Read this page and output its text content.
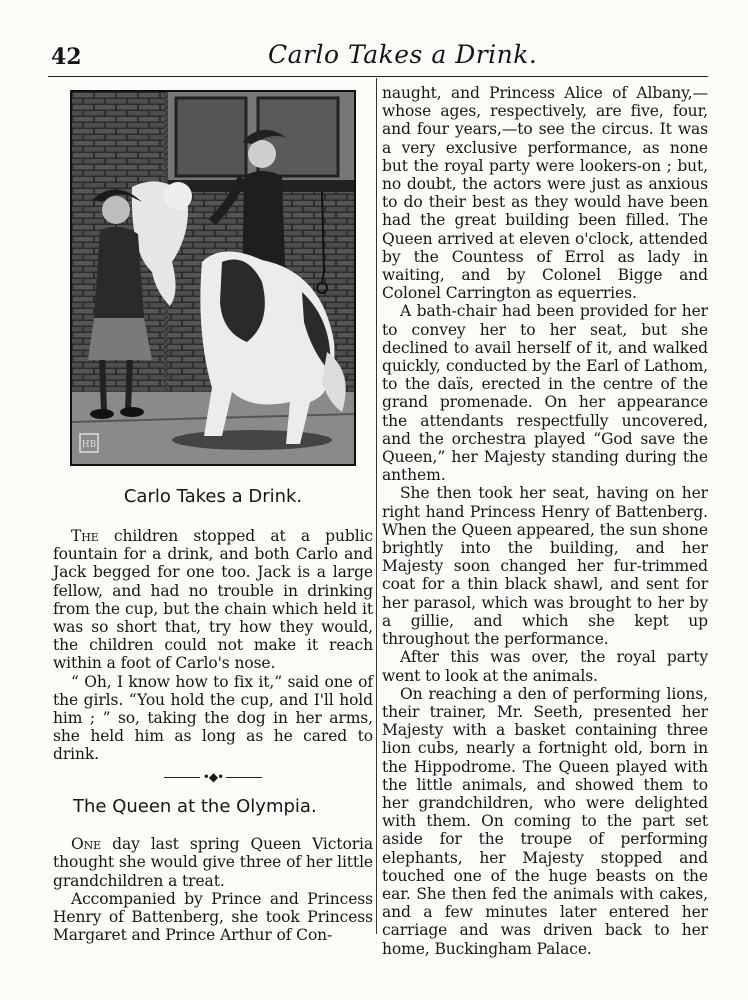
42	Carlo Takes a Drink.
HB
Carlo Takes a Drink.

The children stopped at a public fountain for a drink, and both Carlo and Jack begged for one too. Jack is a large fellow, and had no trouble in drinking from the cup, but the chain which held it was so short that, try how they would, the children could not make it reach within a foot of Carlo's nose.

“ Oh, I know how to fix it,” said one of the girls. “You hold the cup, and I'll hold him ; ” so, taking the dog in her arms, she held him as long as he cared to drink.

•◆•
The Queen at the Olympia.

One day last spring Queen Victoria thought she would give three of her little grandchildren a treat.

Accompanied by Prince and Princess Henry of Battenberg, she took Princess Margaret and Prince Arthur of Con-

naught, and Princess Alice of Albany,—whose ages, respectively, are five, four, and four years,—to see the circus. It was a very exclusive performance, as none but the royal party were lookers-on ; but, no doubt, the actors were just as anxious to do their best as they would have been had the great building been filled. The Queen arrived at eleven o'clock, attended by the Countess of Errol as lady in waiting, and by Colonel Bigge and Colonel Carrington as equerries.

A bath-chair had been provided for her to convey her to her seat, but she declined to avail herself of it, and walked quickly, conducted by the Earl of Lathom, to the daïs, erected in the centre of the grand promenade. On her appearance the attendants respectfully uncovered, and the orchestra played “God save the Queen,” her Majesty standing during the anthem.

She then took her seat, having on her right hand Princess Henry of Battenberg. When the Queen appeared, the sun shone brightly into the building, and her Majesty soon changed her fur-trimmed coat for a thin black shawl, and sent for her parasol, which was brought to her by a gillie, and which she kept up throughout the performance.

After this was over, the royal party went to look at the animals.

On reaching a den of performing lions, their trainer, Mr. Seeth, presented her Majesty with a basket containing three lion cubs, nearly a fortnight old, born in the Hippodrome. The Queen played with the little animals, and showed them to her grandchildren, who were delighted with them. On coming to the part set aside for the troupe of performing elephants, her Majesty stopped and touched one of the huge beasts on the ear. She then fed the animals with cakes, and a few minutes later entered her carriage and was driven back to her home, Buckingham Palace.
